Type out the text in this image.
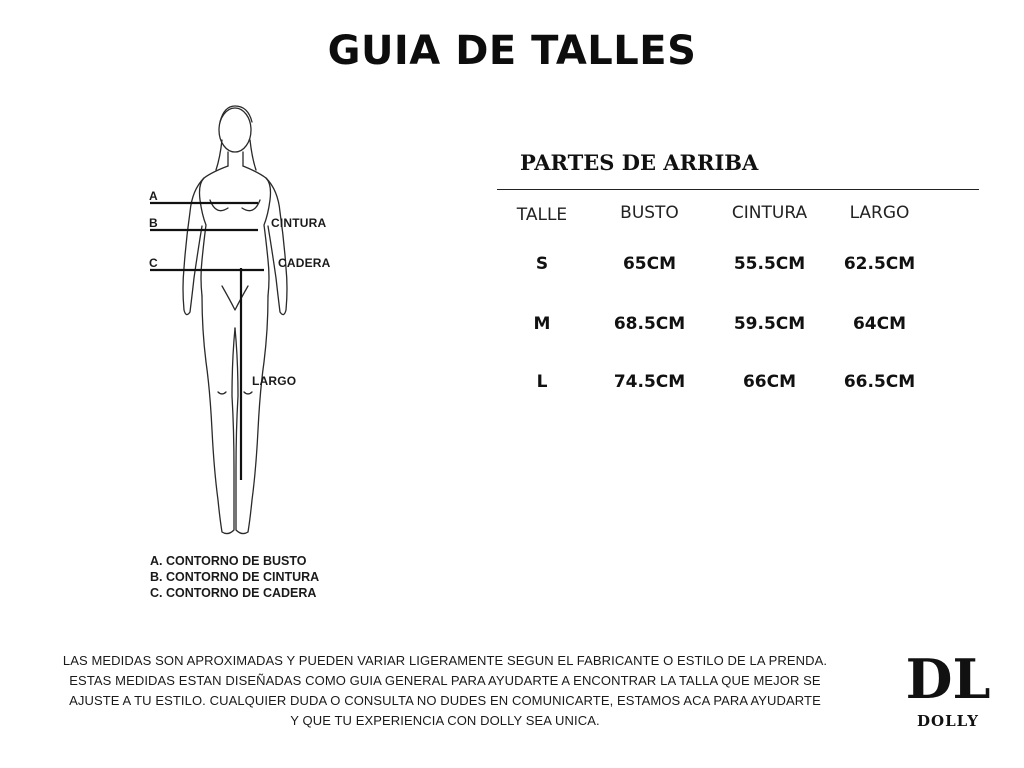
GUIA DE TALLES
A
B
C
CINTURA
CADERA
LARGO
A. CONTORNO DE BUSTO
B. CONTORNO DE CINTURA
C. CONTORNO DE CADERA
PARTES DE ARRIBA
TALLE	BUSTO	CINTURA	LARGO
S	65CM	55.5CM	62.5CM
M	68.5CM	59.5CM	64CM
L	74.5CM	66CM	66.5CM
LAS MEDIDAS SON APROXIMADAS Y PUEDEN VARIAR LIGERAMENTE SEGUN EL FABRICANTE O ESTILO DE LA PRENDA.
ESTAS MEDIDAS ESTAN DISEÑADAS COMO GUIA GENERAL PARA AYUDARTE A ENCONTRAR LA TALLA QUE MEJOR SE
AJUSTE A TU ESTILO. CUALQUIER DUDA O CONSULTA NO DUDES EN COMUNICARTE, ESTAMOS ACA PARA AYUDARTE
Y QUE TU EXPERIENCIA CON DOLLY SEA UNICA.
DL
DOLLY
